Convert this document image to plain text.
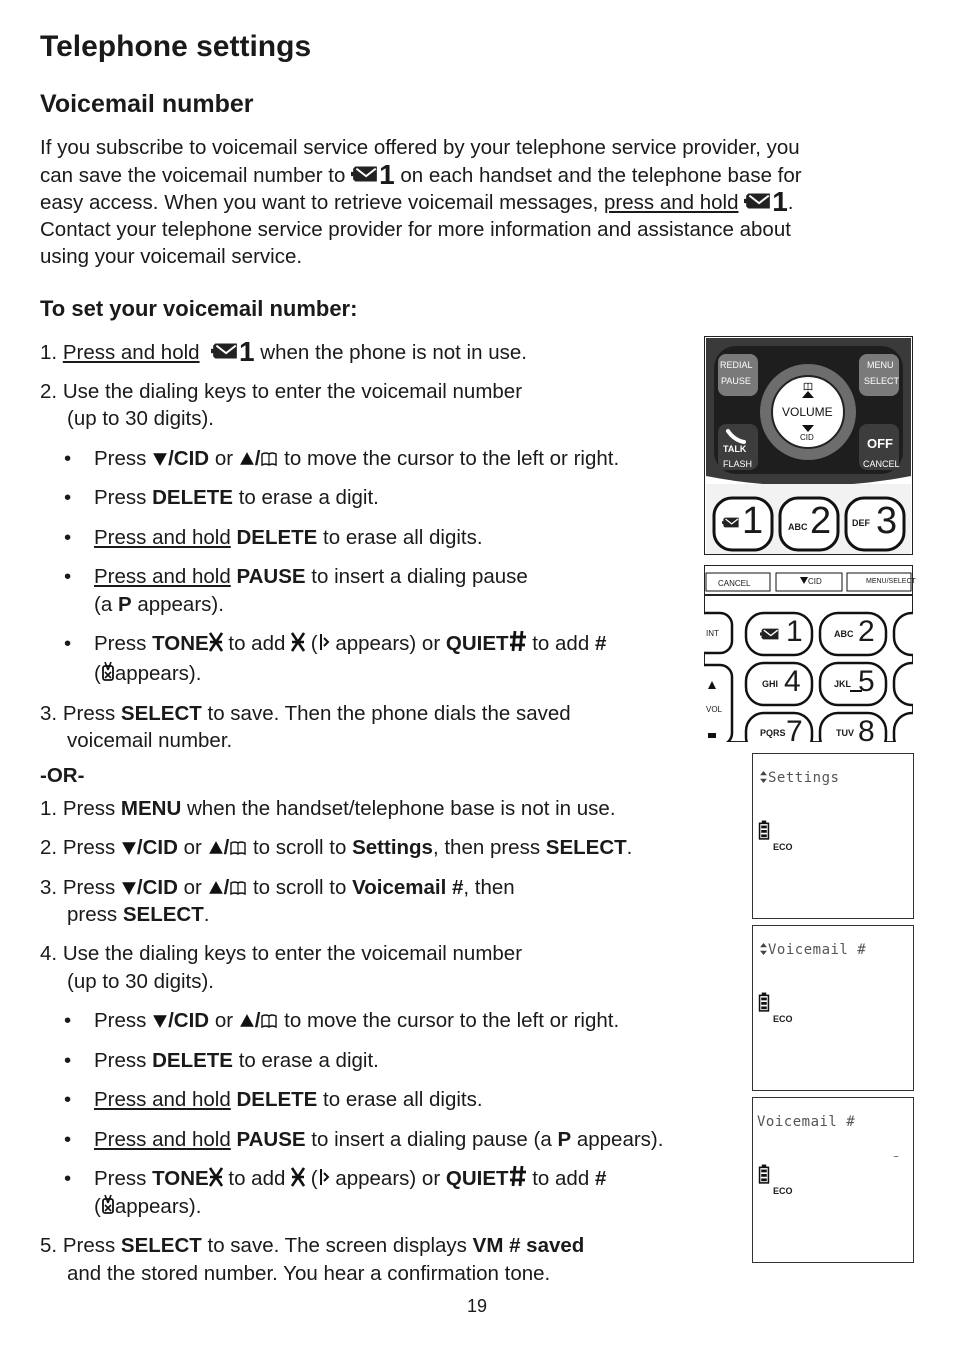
Telephone settings
Voicemail number
If you subscribe to voicemail service offered by your telephone service provider, you
can save the voicemail number to 1 on each handset and the telephone base for
easy access. When you want to retrieve voicemail messages, press and hold 1.
Contact your telephone service provider for more information and assistance about
using your voicemail service.
To set your voicemail number:
1. Press and hold 1 when the phone is not in use.
2. Use the dialing keys to enter the voicemail number
(up to 30 digits).
• Press /CID or / to move the cursor to the left or right.
• Press DELETE to erase a digit.
• Press and hold DELETE to erase all digits.
• Press and hold PAUSE to insert a dialing pause
(a P appears).
• Press TONE to add ( appears) or QUIET to add #
( appears).
3. Press SELECT to save. Then the phone dials the saved
voicemail number.
-OR-
1. Press MENU when the handset/telephone base is not in use.
2. Press /CID or / to scroll to Settings, then press SELECT.
3. Press /CID or / to scroll to Voicemail #, then
press SELECT.
4. Use the dialing keys to enter the voicemail number
(up to 30 digits).
• Press /CID or / to move the cursor to the left or right.
• Press DELETE to erase a digit.
• Press and hold DELETE to erase all digits.
• Press and hold PAUSE to insert a dialing pause (a P appears).
• Press TONE to add ( appears) or QUIET to add #
( appears).
5. Press SELECT to save. The screen displays VM # saved
and the stored number. You hear a confirmation tone.
19
REDIAL
PAUSE
MENU
SELECT
VOLUME
CID
TALK
FLASH
OFF
CANCEL
1	ABC 2 DEF 3
CANCEL	CID	MENU/SELECT
INT
VOL
1	ABC 2
GHI 4	JKL 5
PQRS 7	TUV 8
Settings
ECO
Voicemail #
ECO
Voicemail #
....
ECO
